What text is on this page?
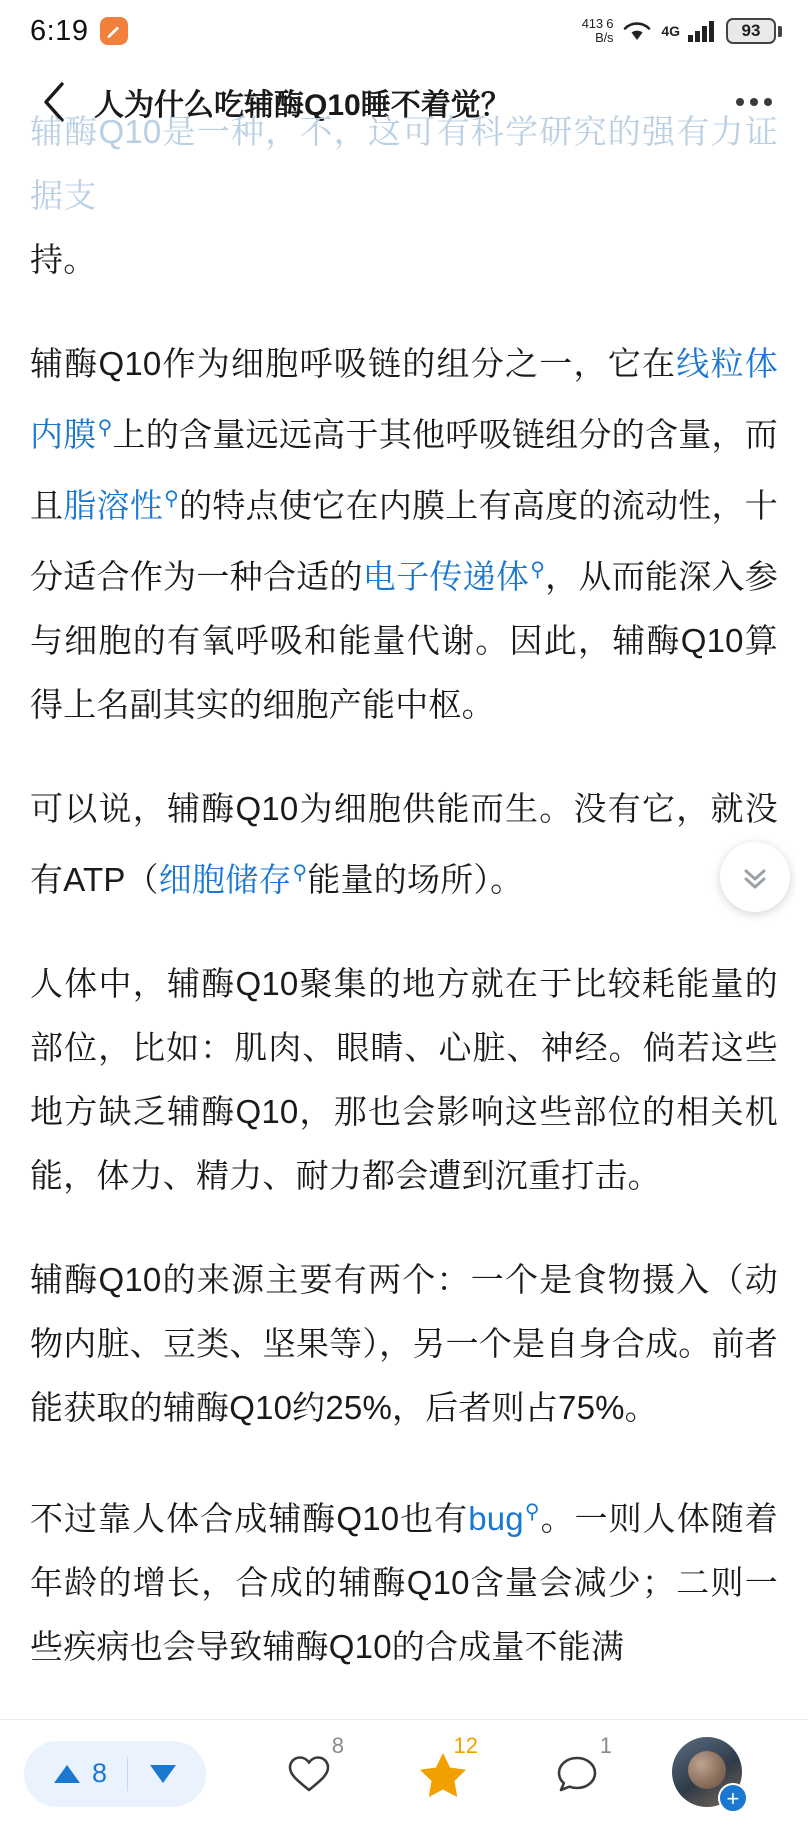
6:19	413 6
B/s	4G	93
人为什么吃辅酶Q10睡不着觉？

辅酶Q10是一种，不，这可有科学研究的强有力证据支
持。

辅酶Q10作为细胞呼吸链的组分之一，它在线粒体内膜⚲上的含量远远高于其他呼吸链组分的含量，而且脂溶性⚲的特点使它在内膜上有高度的流动性，十分适合作为一种合适的电子传递体⚲，从而能深入参与细胞的有氧呼吸和能量代谢。因此，辅酶Q10算得上名副其实的细胞产能中枢。

可以说，辅酶Q10为细胞供能而生。没有它，就没有ATP（细胞储存⚲能量的场所）。

人体中，辅酶Q10聚集的地方就在于比较耗能量的部位，比如：肌肉、眼睛、心脏、神经。倘若这些地方缺乏辅酶Q10，那也会影响这些部位的相关机能，体力、精力、耐力都会遭到沉重打击。

辅酶Q10的来源主要有两个：一个是食物摄入（动物内脏、豆类、坚果等），另一个是自身合成。前者能获取的辅酶Q10约25%，后者则占75%。

不过靠人体合成辅酶Q10也有bug⚲。一则人体随着年龄的增长，合成的辅酶Q10含量会减少；二则一些疾病也会导致辅酶Q10的合成量不能满

8
8	12	1
+
